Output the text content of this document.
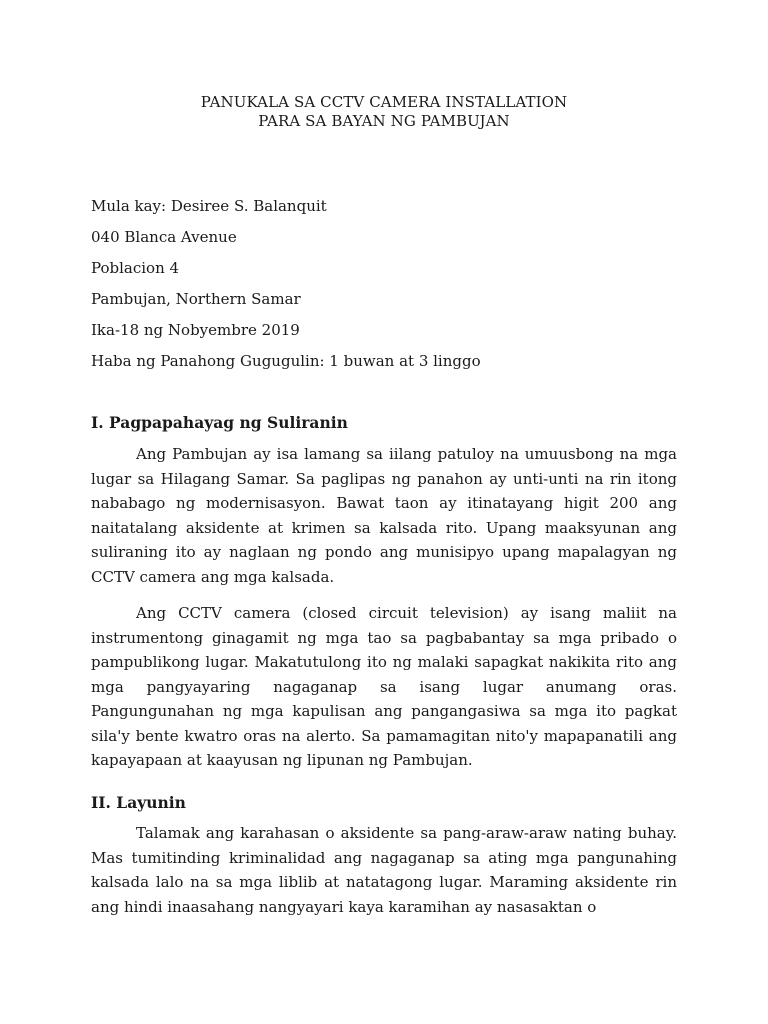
PANUKALA SA CCTV CAMERA INSTALLATION
PARA SA BAYAN NG PAMBUJAN
Mula kay: Desiree S. Balanquit
040 Blanca Avenue
Poblacion 4
Pambujan, Northern Samar
Ika-18 ng Nobyembre 2019
Haba ng Panahong Gugugulin: 1 buwan at 3 linggo
I. Pagpapahayag ng Suliranin

Ang Pambujan ay isa lamang sa iilang patuloy na umuusbong na mga lugar sa Hilagang Samar. Sa paglipas ng panahon ay unti-unti na rin itong nababago ng modernisasyon. Bawat taon ay itinatayang higit 200 ang naitatalang aksidente at krimen sa kalsada rito. Upang maaksyunan ang suliraning ito ay naglaan ng pondo ang munisipyo upang mapalagyan ng CCTV camera ang mga kalsada.

Ang CCTV camera (closed circuit television) ay isang maliit na instrumentong ginagamit ng mga tao sa pagbabantay sa mga pribado o pampublikong lugar. Makatutulong ito ng malaki sapagkat nakikita rito ang mga pangyayaring nagaganap sa isang lugar anumang oras. Pangungunahan ng mga kapulisan ang pangangasiwa sa mga ito pagkat sila'y bente kwatro oras na alerto. Sa pamamagitan nito'y mapapanatili ang kapayapaan at kaayusan ng lipunan ng Pambujan.

II. Layunin

Talamak ang karahasan o aksidente sa pang-araw-araw nating buhay. Mas tumitinding kriminalidad ang nagaganap sa ating mga pangunahing kalsada lalo na sa mga liblib at natatagong lugar. Maraming aksidente rin ang hindi inaasahang nangyayari kaya karamihan ay nasasaktan o
